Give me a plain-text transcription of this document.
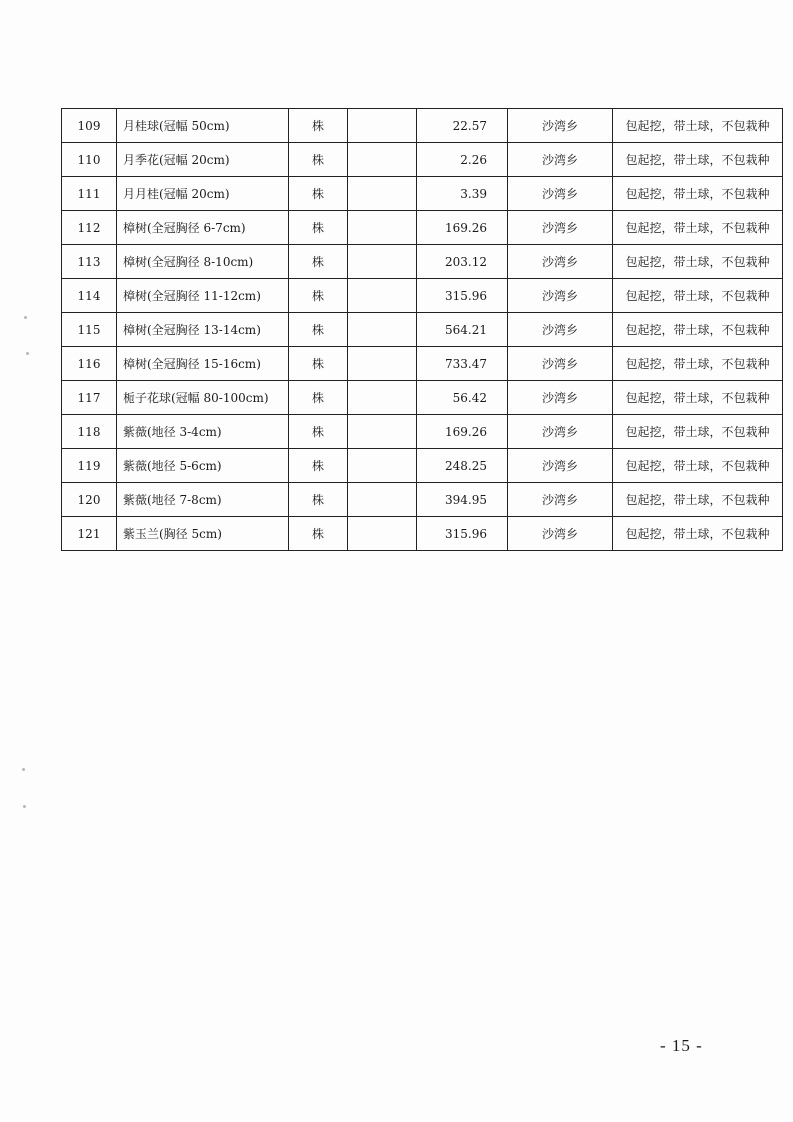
109	月桂球(冠幅 50cm)	株		22.57	沙湾乡	包起挖，带土球，不包栽种
110	月季花(冠幅 20cm)	株		2.26	沙湾乡	包起挖，带土球，不包栽种
111	月月桂(冠幅 20cm)	株		3.39	沙湾乡	包起挖，带土球，不包栽种
112	樟树(全冠胸径 6-7cm)	株		169.26	沙湾乡	包起挖，带土球，不包栽种
113	樟树(全冠胸径 8-10cm)	株		203.12	沙湾乡	包起挖，带土球，不包栽种
114	樟树(全冠胸径 11-12cm)	株		315.96	沙湾乡	包起挖，带土球，不包栽种
115	樟树(全冠胸径 13-14cm)	株		564.21	沙湾乡	包起挖，带土球，不包栽种
116	樟树(全冠胸径 15-16cm)	株		733.47	沙湾乡	包起挖，带土球，不包栽种
117	栀子花球(冠幅 80-100cm)	株		56.42	沙湾乡	包起挖，带土球，不包栽种
118	紫薇(地径 3-4cm)	株		169.26	沙湾乡	包起挖，带土球，不包栽种
119	紫薇(地径 5-6cm)	株		248.25	沙湾乡	包起挖，带土球，不包栽种
120	紫薇(地径 7-8cm)	株		394.95	沙湾乡	包起挖，带土球，不包栽种
121	紫玉兰(胸径 5cm)	株		315.96	沙湾乡	包起挖，带土球，不包栽种
- 15 -
